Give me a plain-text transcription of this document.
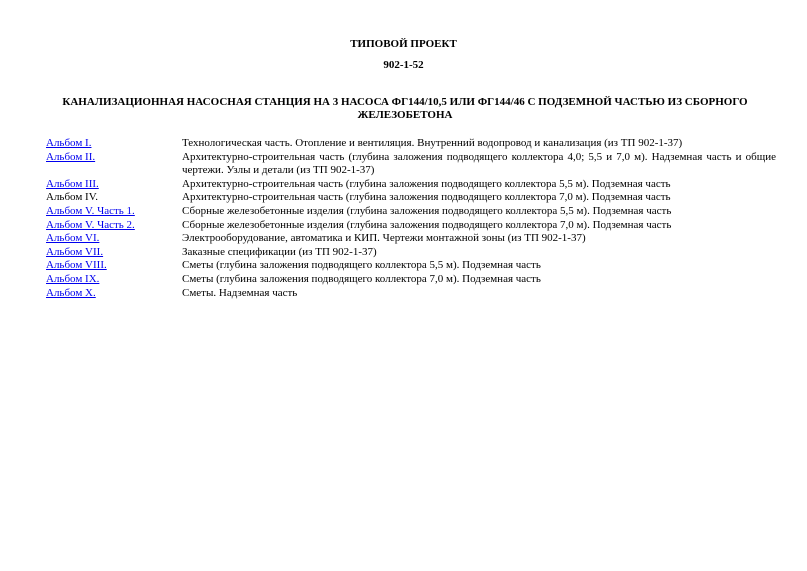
ТИПОВОЙ ПРОЕКТ
902-1-52
КАНАЛИЗАЦИОННАЯ НАСОСНАЯ СТАНЦИЯ НА 3 НАСОСА ФГ144/10,5 ИЛИ ФГ144/46 С ПОДЗЕМНОЙ ЧАСТЬЮ ИЗ СБОРНОГО ЖЕЛЕЗОБЕТОНА
Альбом I.	Технологическая часть. Отопление и вентиляция. Внутренний водопровод и канализация (из ТП 902-1-37)
Альбом II.	Архитектурно-строительная часть (глубина заложения подводящего коллектора 4,0; 5,5 и 7,0 м). Надземная часть и общие чертежи. Узлы и детали (из ТП 902-1-37)
Альбом III.	Архитектурно-строительная часть (глубина заложения подводящего коллектора 5,5 м). Подземная часть
Альбом IV.	Архитектурно-строительная часть (глубина заложения подводящего коллектора 7,0 м). Подземная часть
Альбом V. Часть 1.	Сборные железобетонные изделия (глубина заложения подводящего коллектора 5,5 м). Подземная часть
Альбом V. Часть 2.	Сборные железобетонные изделия (глубина заложения подводящего коллектора 7,0 м). Подземная часть
Альбом VI.	Электрооборудование, автоматика и КИП. Чертежи монтажной зоны (из ТП 902-1-37)
Альбом VII.	Заказные спецификации (из ТП 902-1-37)
Альбом VIII.	Сметы (глубина заложения подводящего коллектора 5,5 м). Подземная часть
Альбом IX.	Сметы (глубина заложения подводящего коллектора 7,0 м). Подземная часть
Альбом X.	Сметы. Надземная часть
